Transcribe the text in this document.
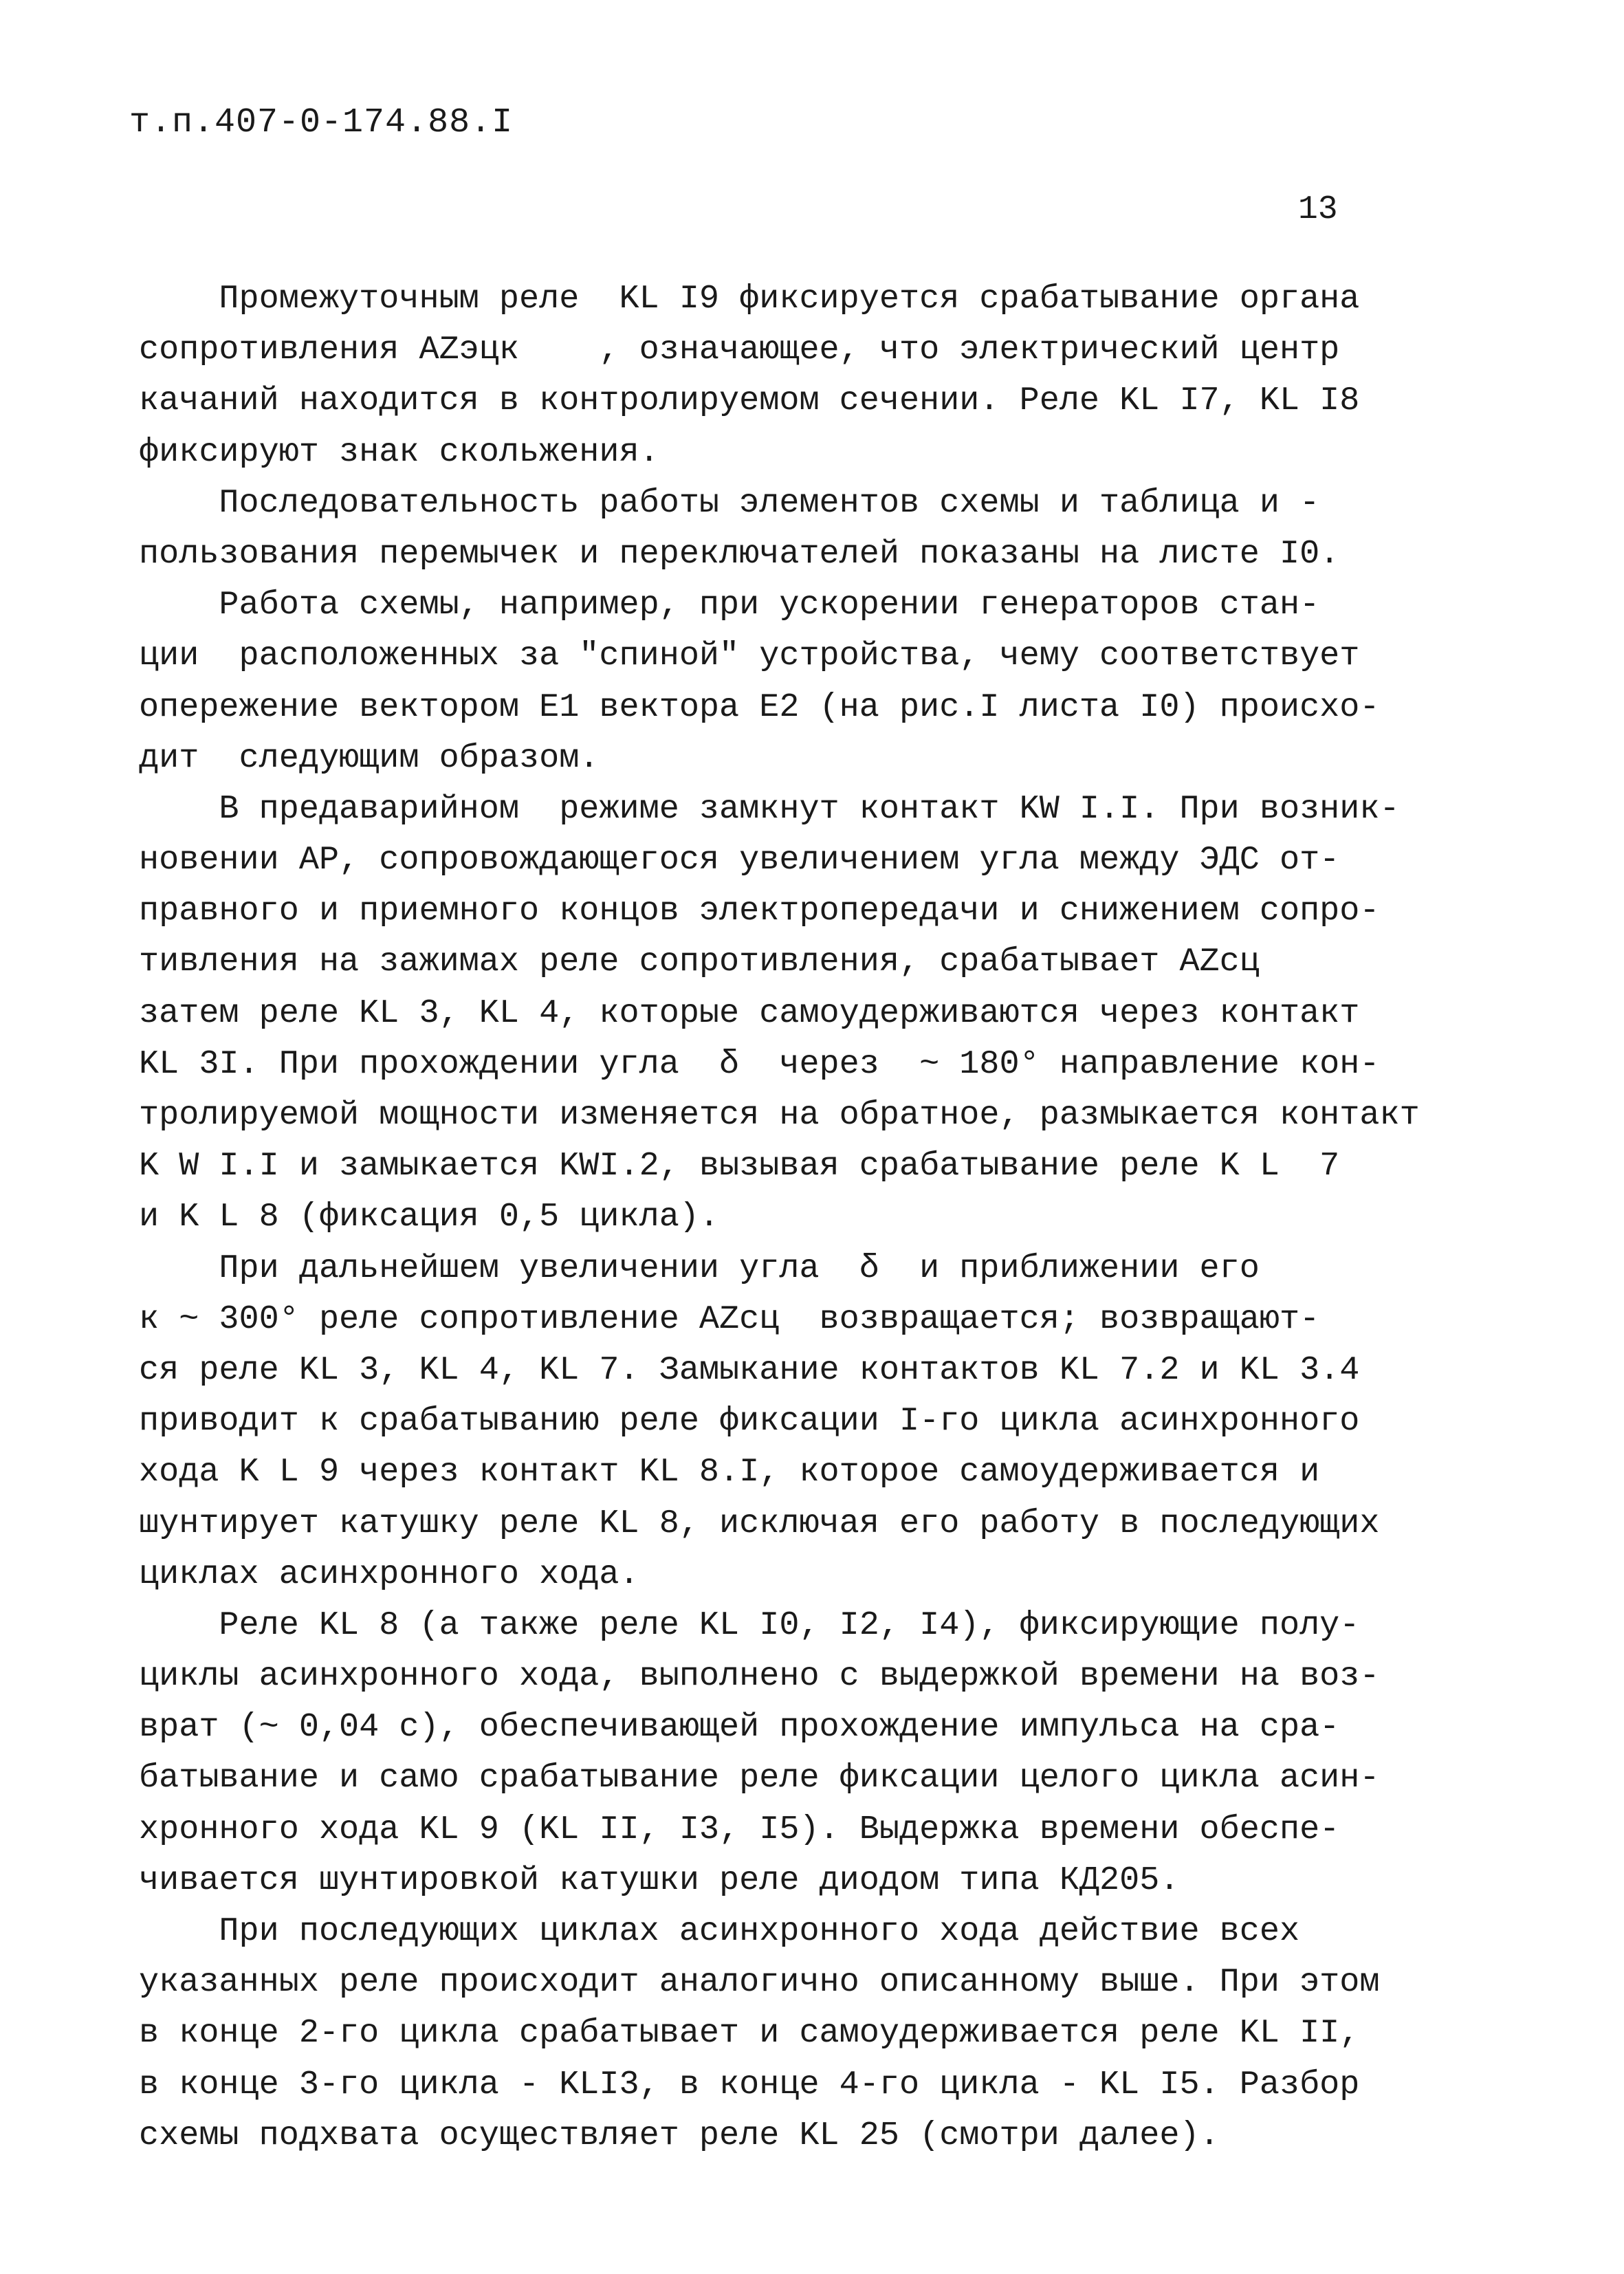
т.п.407-0-174.88.I

13

Промежуточным реле  KL I9 фиксируется срабатывание органа
сопротивления AZэцк    , означающее, что электрический центр
качаний находится в контролируемом сечении. Реле KL I7, KL I8
фиксируют знак скольжения.
Последовательность работы элементов схемы и таблица и -
пользования перемычек и переключателей показаны на листе I0.
Работа схемы, например, при ускорении генераторов стан-
ции  расположенных за "спиной" устройства, чему соответствует
опережение вектором E1 вектора E2 (на рис.I листа I0) происхо-
дит  следующим образом.
В предаварийном  режиме замкнут контакт KW I.I. При возник-
новении АР, сопровождающегося увеличением угла между ЭДС от-
правного и приемного концов электропередачи и снижением сопро-
тивления на зажимах реле сопротивления, срабатывает AZсц
затем реле KL 3, KL 4, которые самоудерживаются через контакт
KL 3I. При прохождении угла  δ  через  ~ 180° направление кон-
тролируемой мощности изменяется на обратное, размыкается контакт
K W I.I и замыкается KWI.2, вызывая срабатывание реле K L  7
и K L 8 (фиксация 0,5 цикла).
При дальнейшем увеличении угла  δ  и приближении его
к ~ 300° реле сопротивление AZсц  возвращается; возвращают-
ся реле KL 3, KL 4, KL 7. Замыкание контактов KL 7.2 и KL 3.4
приводит к срабатыванию реле фиксации I-го цикла асинхронного
хода K L 9 через контакт KL 8.I, которое самоудерживается и
шунтирует катушку реле KL 8, исключая его работу в последующих
циклах асинхронного хода.
Реле KL 8 (а также реле KL I0, I2, I4), фиксирующие полу-
циклы асинхронного хода, выполнено с выдержкой времени на воз-
врат (~ 0,04 с), обеспечивающей прохождение импульса на сра-
батывание и само срабатывание реле фиксации целого цикла асин-
хронного хода KL 9 (KL II, I3, I5). Выдержка времени обеспе-
чивается шунтировкой катушки реле диодом типа КД205.
При последующих циклах асинхронного хода действие всех
указанных реле происходит аналогично описанному выше. При этом
в конце 2-го цикла срабатывает и самоудерживается реле KL II,
в конце 3-го цикла - KLI3, в конце 4-го цикла - KL I5. Разбор
схемы подхвата осуществляет реле KL 25 (смотри далее).
